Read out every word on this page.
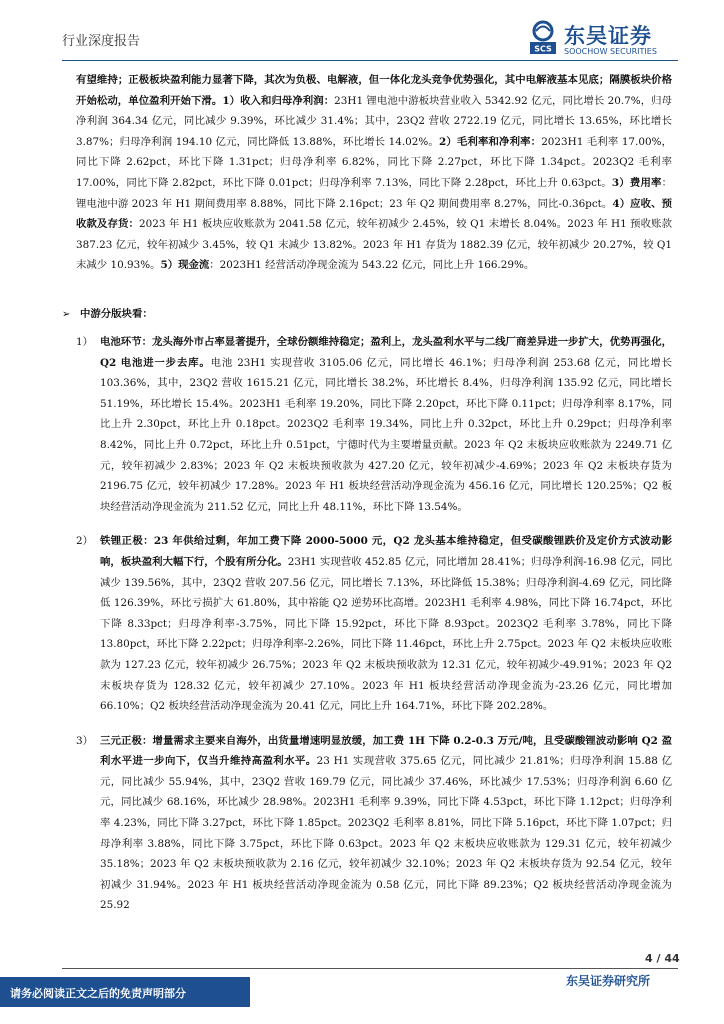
行业深度报告	SCS
东吴证券
SOOCHOW SECURITIES

有望维持；正极板块盈利能力显著下降，其次为负极、电解液，但一体化龙头竞争优势强化，其中电解液基本见底；隔膜板块价格开始松动，单位盈利开始下滑。1）收入和归母净利润：23H1 锂电池中游板块营业收入 5342.92 亿元，同比增长 20.7%，归母净利润 364.34 亿元，同比减少 9.39%，环比减少 31.4%；其中，23Q2 营收 2722.19 亿元，同比增长 13.65%，环比增长 3.87%；归母净利润 194.10 亿元，同比降低 13.88%，环比增长 14.02%。2）毛利率和净利率：2023H1 毛利率 17.00%，同比下降 2.62pct，环比下降 1.31pct；归母净利率 6.82%，同比下降 2.27pct，环比下降 1.34pct。2023Q2 毛利率 17.00%，同比下降 2.82pct，环比下降 0.01pct；归母净利率 7.13%，同比下降 2.28pct，环比上升 0.63pct。3）费用率：锂电池中游 2023 年 H1 期间费用率 8.88%，同比下降 2.16pct；23 年 Q2 期间费用率 8.27%，同比-0.36pct。4）应收、预收款及存货：2023 年 H1 板块应收账款为 2041.58 亿元，较年初减少 2.45%，较 Q1 末增长 8.04%。2023 年 H1 预收账款 387.23 亿元，较年初减少 3.45%，较 Q1 末减少 13.82%。2023 年 H1 存货为 1882.39 亿元，较年初减少 20.27%，较 Q1 末减少 10.93%。5）现金流：2023H1 经营活动净现金流为 543.22 亿元，同比上升 166.29%。

➢ 中游分版块看：
1） 电池环节：龙头海外市占率显著提升，全球份额维持稳定；盈利上，龙头盈利水平与二线厂商差异进一步扩大，优势再强化，Q2 电池进一步去库。电池 23H1 实现营收 3105.06 亿元，同比增长 46.1%；归母净利润 253.68 亿元，同比增长 103.36%，其中，23Q2 营收 1615.21 亿元，同比增长 38.2%，环比增长 8.4%，归母净利润 135.92 亿元，同比增长 51.19%，环比增长 15.4%。2023H1 毛利率 19.20%，同比下降 2.20pct，环比下降 0.11pct；归母净利率 8.17%，同比上升 2.30pct，环比上升 0.18pct。2023Q2 毛利率 19.34%，同比上升 0.32pct，环比上升 0.29pct；归母净利率 8.42%，同比上升 0.72pct，环比上升 0.51pct，宁德时代为主要增量贡献。2023 年 Q2 末板块应收账款为 2249.71 亿元，较年初减少 2.83%；2023 年 Q2 末板块预收款为 427.20 亿元，较年初减少-4.69%；2023 年 Q2 末板块存货为 2196.75 亿元，较年初减少 17.28%。2023 年 H1 板块经营活动净现金流为 456.16 亿元，同比增长 120.25%；Q2 板块经营活动净现金流为 211.52 亿元，同比上升 48.11%，环比下降 13.54%。
2） 铁锂正极：23 年供给过剩，年加工费下降 2000-5000 元，Q2 龙头基本维持稳定，但受碳酸锂跌价及定价方式波动影响，板块盈利大幅下行，个股有所分化。23H1 实现营收 452.85 亿元，同比增加 28.41%；归母净利润-16.98 亿元，同比减少 139.56%，其中，23Q2 营收 207.56 亿元，同比增长 7.13%，环比降低 15.38%；归母净利润-4.69 亿元，同比降低 126.39%，环比亏损扩大 61.80%，其中裕能 Q2 逆势环比高增。2023H1 毛利率 4.98%，同比下降 16.74pct，环比下降 8.33pct；归母净利率-3.75%，同比下降 15.92pct，环比下降 8.93pct。2023Q2 毛利率 3.78%，同比下降 13.80pct，环比下降 2.22pct；归母净利率-2.26%，同比下降 11.46pct，环比上升 2.75pct。2023 年 Q2 末板块应收账款为 127.23 亿元，较年初减少 26.75%；2023 年 Q2 末板块预收款为 12.31 亿元，较年初减少-49.91%；2023 年 Q2 末板块存货为 128.32 亿元，较年初减少 27.10%。2023 年 H1 板块经营活动净现金流为-23.26 亿元，同比增加 66.10%；Q2 板块经营活动净现金流为 20.41 亿元，同比上升 164.71%，环比下降 202.28%。
3） 三元正极：增量需求主要来自海外，出货量增速明显放缓，加工费 1H 下降 0.2-0.3 万元/吨，且受碳酸锂波动影响 Q2 盈利水平进一步向下，仅当升维持高盈利水平。23 H1 实现营收 375.65 亿元，同比减少 21.81%；归母净利润 15.88 亿元，同比减少 55.94%，其中，23Q2 营收 169.79 亿元，同比减少 37.46%，环比减少 17.53%；归母净利润 6.60 亿元，同比减少 68.16%，环比减少 28.98%。2023H1 毛利率 9.39%，同比下降 4.53pct，环比下降 1.12pct；归母净利率 4.23%，同比下降 3.27pct，环比下降 1.85pct。2023Q2 毛利率 8.81%，同比下降 5.16pct，环比下降 1.07pct；归母净利率 3.88%，同比下降 3.75pct，环比下降 0.63pct。2023 年 Q2 末板块应收账款为 129.31 亿元，较年初减少 35.18%；2023 年 Q2 末板块预收款为 2.16 亿元，较年初减少 32.10%；2023 年 Q2 末板块存货为 92.54 亿元，较年初减少 31.94%。2023 年 H1 板块经营活动净现金流为 0.58 亿元，同比下降 89.23%；Q2 板块经营活动净现金流为 25.92
4 / 44
请务必阅读正文之后的免责声明部分
东吴证券研究所
